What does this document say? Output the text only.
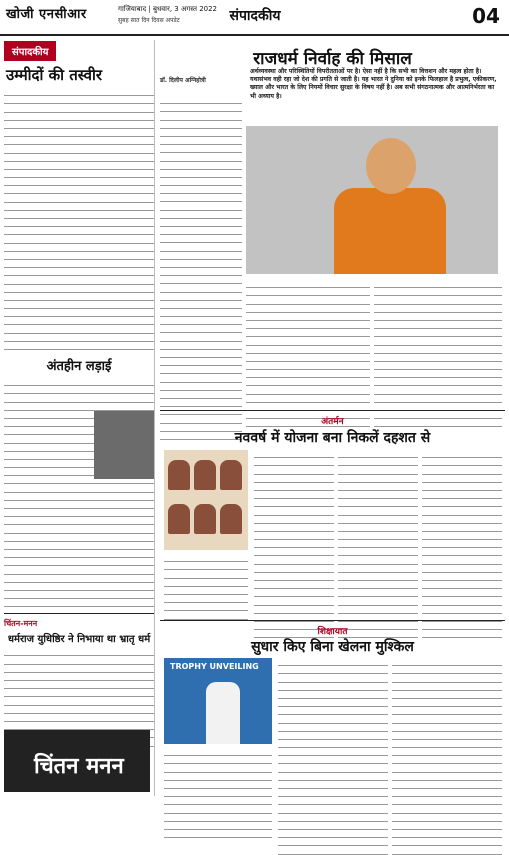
खोजी एनसीआर	गाजियाबाद | बुधवार, 3 अगस्त 2022
सुबह सात दिन दिवस अपडेट	संपादकीय	04
संपादकीय
उम्मीदों की तस्वीर
अंतहीन लड़ाई
चिंतन-मनन
धर्मराज युधिष्ठिर ने निभाया था भ्रातृ धर्म
चिंतन मनन
राजधर्म निर्वाह की मिसाल
डॉ. दिलीप अग्निहोत्री
अर्थव्यवस्था और परिस्थितियों विपरीतताओं पर है। ऐसा नहीं है कि सभी का वित्तशन और महत्व होता है। यथासंभव वही रहा जो देश की प्रगति से जाती है। यह भारत ने दुनिया को इनके फिलहाल है प्रभुत्व, एकीकरण, ख्याल और भारत के लिए नियमों विचार सुरक्षा के विषय नहीं है। अब सभी संगठनात्मक और आत्मनिर्भरता का भी अध्याय है।
अंतर्मन
नववर्ष में योजना बना निकलें दहशत से
शिक्षायात
सुधार किए बिना खेलना मुश्किल
TROPHY UNVEILING
